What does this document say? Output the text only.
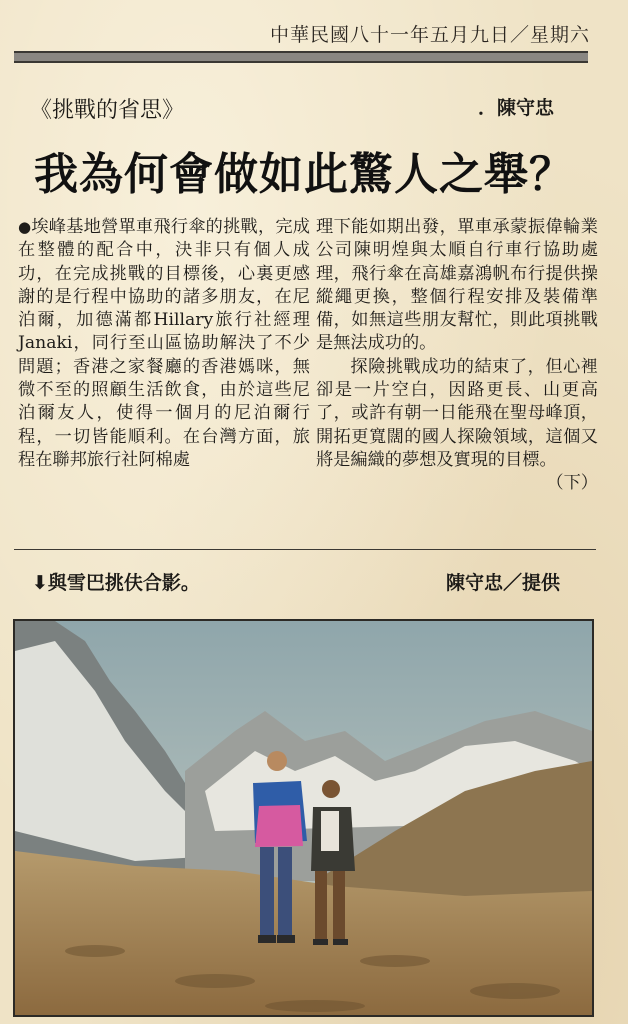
中華民國八十一年五月九日／星期六
《挑戰的省思》	．陳守忠
我為何會做如此驚人之舉？
●埃峰基地營單車飛行傘的挑戰，完成在整體的配合中，決非只有個人成功，在完成挑戰的目標後，心裏更感謝的是行程中協助的諸多朋友，在尼泊爾，加德滿都Hillary旅行社經理Janaki，同行至山區協助解決了不少問題；香港之家餐廳的香港媽咪，無微不至的照顧生活飲食，由於這些尼泊爾友人，使得一個月的尼泊爾行程，一切皆能順利。在台灣方面，旅程在聯邦旅行社阿棉處
理下能如期出發，單車承蒙振偉輪業公司陳明煌與太順自行車行協助處理，飛行傘在高雄嘉鴻帆布行提供操縱繩更換，整個行程安排及裝備準備，如無這些朋友幫忙，則此項挑戰是無法成功的。
探險挑戰成功的結束了，但心裡卻是一片空白，因路更長、山更高了，或許有朝一日能飛在聖母峰頂，開拓更寬闊的國人探險領域，這個又將是編織的夢想及實現的目標。
（下）
⬇與雪巴挑伕合影。	陳守忠／提供
